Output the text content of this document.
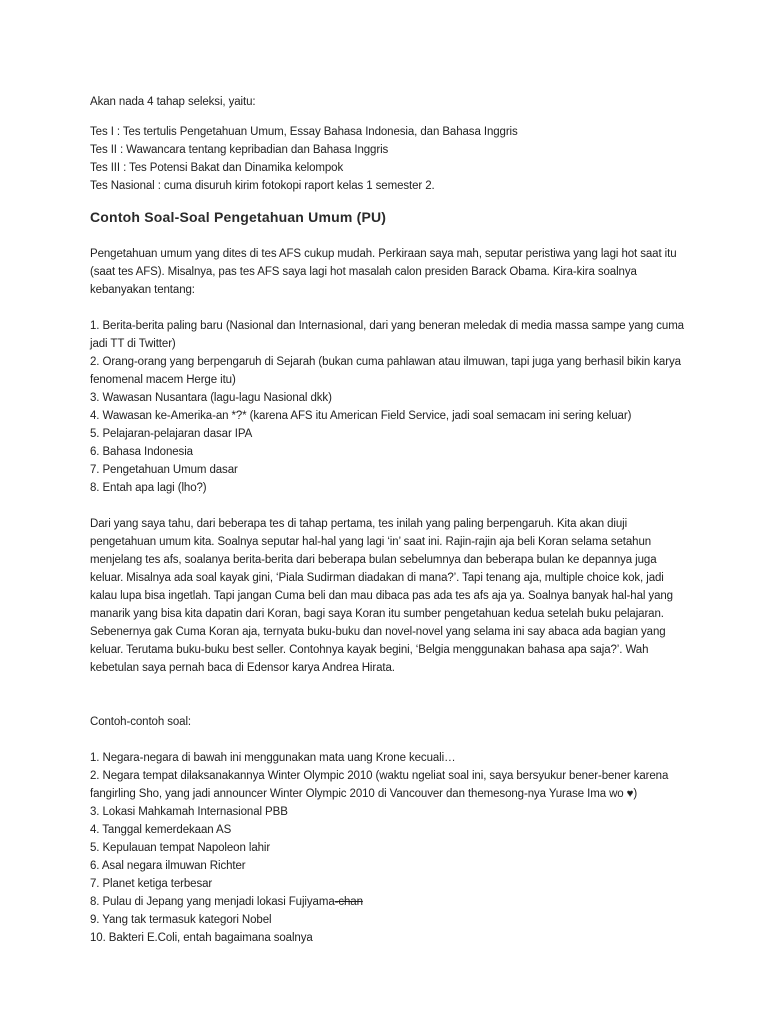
Akan nada 4 tahap seleksi, yaitu:

Tes I : Tes tertulis Pengetahuan Umum, Essay Bahasa Indonesia, dan Bahasa Inggris

Tes II : Wawancara tentang kepribadian dan Bahasa Inggris

Tes III : Tes Potensi Bakat dan Dinamika kelompok

Tes Nasional : cuma disuruh kirim fotokopi raport kelas 1 semester 2.

Contoh Soal-Soal Pengetahuan Umum (PU)

Pengetahuan umum yang dites di tes AFS cukup mudah. Perkiraan saya mah, seputar peristiwa yang lagi hot saat itu (saat tes AFS). Misalnya, pas tes AFS saya lagi hot masalah calon presiden Barack Obama. Kira-kira soalnya kebanyakan tentang:

1. Berita-berita paling baru (Nasional dan Internasional, dari yang beneran meledak di media massa sampe yang cuma jadi TT di Twitter)

2. Orang-orang yang berpengaruh di Sejarah (bukan cuma pahlawan atau ilmuwan, tapi juga yang berhasil bikin karya fenomenal macem Herge itu)

3. Wawasan Nusantara (lagu-lagu Nasional dkk)

4. Wawasan ke-Amerika-an *?* (karena AFS itu American Field Service, jadi soal semacam ini sering keluar)

5. Pelajaran-pelajaran dasar IPA

6. Bahasa Indonesia

7. Pengetahuan Umum dasar

8. Entah apa lagi (lho?)

Dari yang saya tahu, dari beberapa tes di tahap pertama, tes inilah yang paling berpengaruh. Kita akan diuji pengetahuan umum kita. Soalnya seputar hal-hal yang lagi ‘in’ saat ini. Rajin-rajin aja beli Koran selama setahun menjelang tes afs, soalanya berita-berita dari beberapa bulan sebelumnya dan beberapa bulan ke depannya juga keluar. Misalnya ada soal kayak gini, ‘Piala Sudirman diadakan di mana?’. Tapi tenang aja, multiple choice kok, jadi kalau lupa bisa ingetlah. Tapi jangan Cuma beli dan mau dibaca pas ada tes afs aja ya. Soalnya banyak hal-hal yang manarik yang bisa kita dapatin dari Koran, bagi saya Koran itu sumber pengetahuan kedua setelah buku pelajaran. Sebenernya gak Cuma Koran aja, ternyata buku-buku dan novel-novel yang selama ini say abaca ada bagian yang keluar. Terutama buku-buku best seller. Contohnya kayak begini, ‘Belgia menggunakan bahasa apa saja?’. Wah kebetulan saya pernah baca di Edensor karya Andrea Hirata.

Contoh-contoh soal:

1. Negara-negara di bawah ini menggunakan mata uang Krone kecuali…

2. Negara tempat dilaksanakannya Winter Olympic 2010 (waktu ngeliat soal ini, saya bersyukur bener-bener karena fangirling Sho, yang jadi announcer Winter Olympic 2010 di Vancouver dan themesong-nya Yurase Ima wo ♥)

3. Lokasi Mahkamah Internasional PBB

4. Tanggal kemerdekaan AS

5. Kepulauan tempat Napoleon lahir

6. Asal negara ilmuwan Richter

7. Planet ketiga terbesar

8. Pulau di Jepang yang menjadi lokasi Fujiyama-chan

9. Yang tak termasuk kategori Nobel

10. Bakteri E.Coli, entah bagaimana soalnya
